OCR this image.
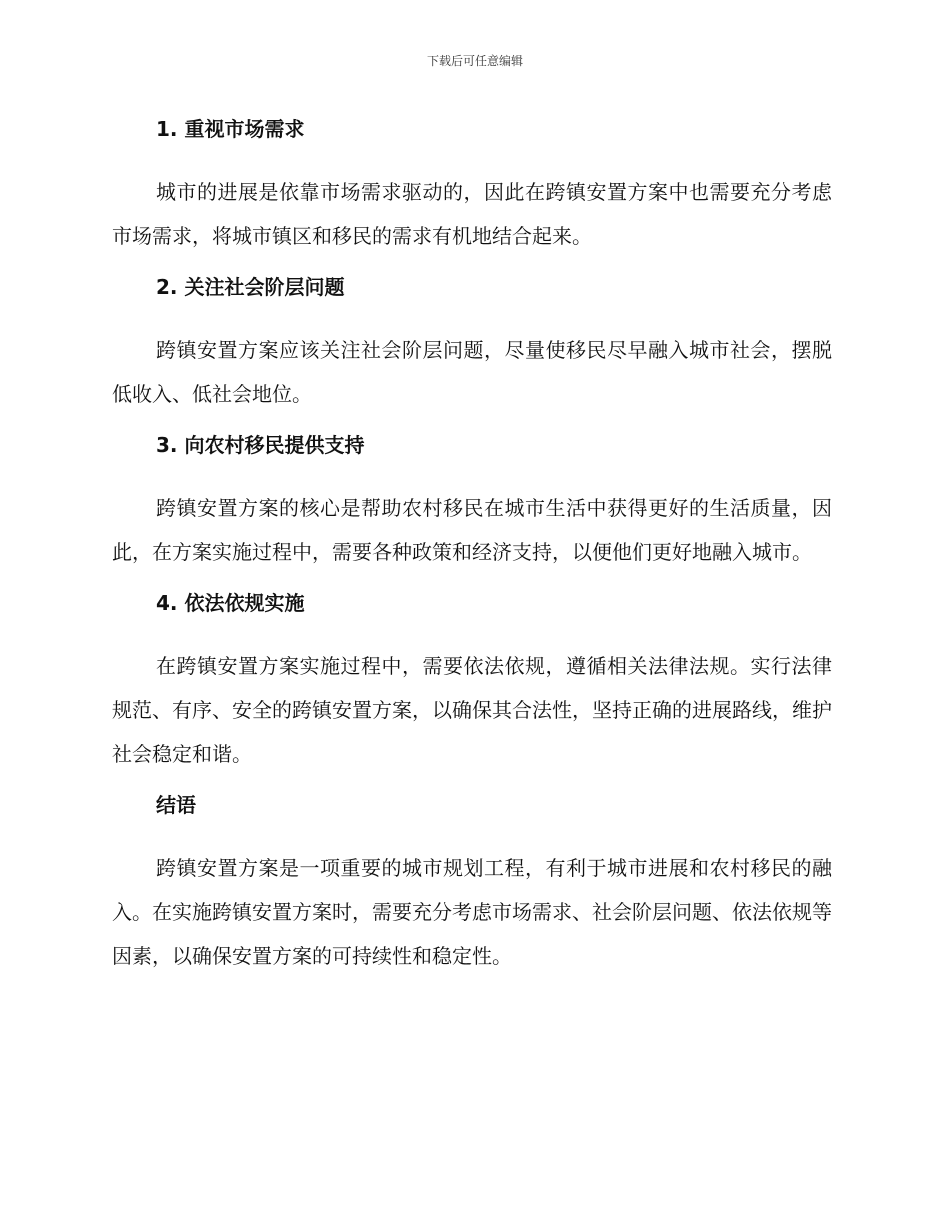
下载后可任意编辑
1. 重视市场需求

城市的进展是依靠市场需求驱动的，因此在跨镇安置方案中也需要充分考虑市场需求，将城市镇区和移民的需求有机地结合起来。

2. 关注社会阶层问题

跨镇安置方案应该关注社会阶层问题，尽量使移民尽早融入城市社会，摆脱低收入、低社会地位。

3. 向农村移民提供支持

跨镇安置方案的核心是帮助农村移民在城市生活中获得更好的生活质量，因此，在方案实施过程中，需要各种政策和经济支持，以便他们更好地融入城市。

4. 依法依规实施

在跨镇安置方案实施过程中，需要依法依规，遵循相关法律法规。实行法律规范、有序、安全的跨镇安置方案，以确保其合法性，坚持正确的进展路线，维护社会稳定和谐。

结语

跨镇安置方案是一项重要的城市规划工程，有利于城市进展和农村移民的融入。在实施跨镇安置方案时，需要充分考虑市场需求、社会阶层问题、依法依规等因素，以确保安置方案的可持续性和稳定性。
